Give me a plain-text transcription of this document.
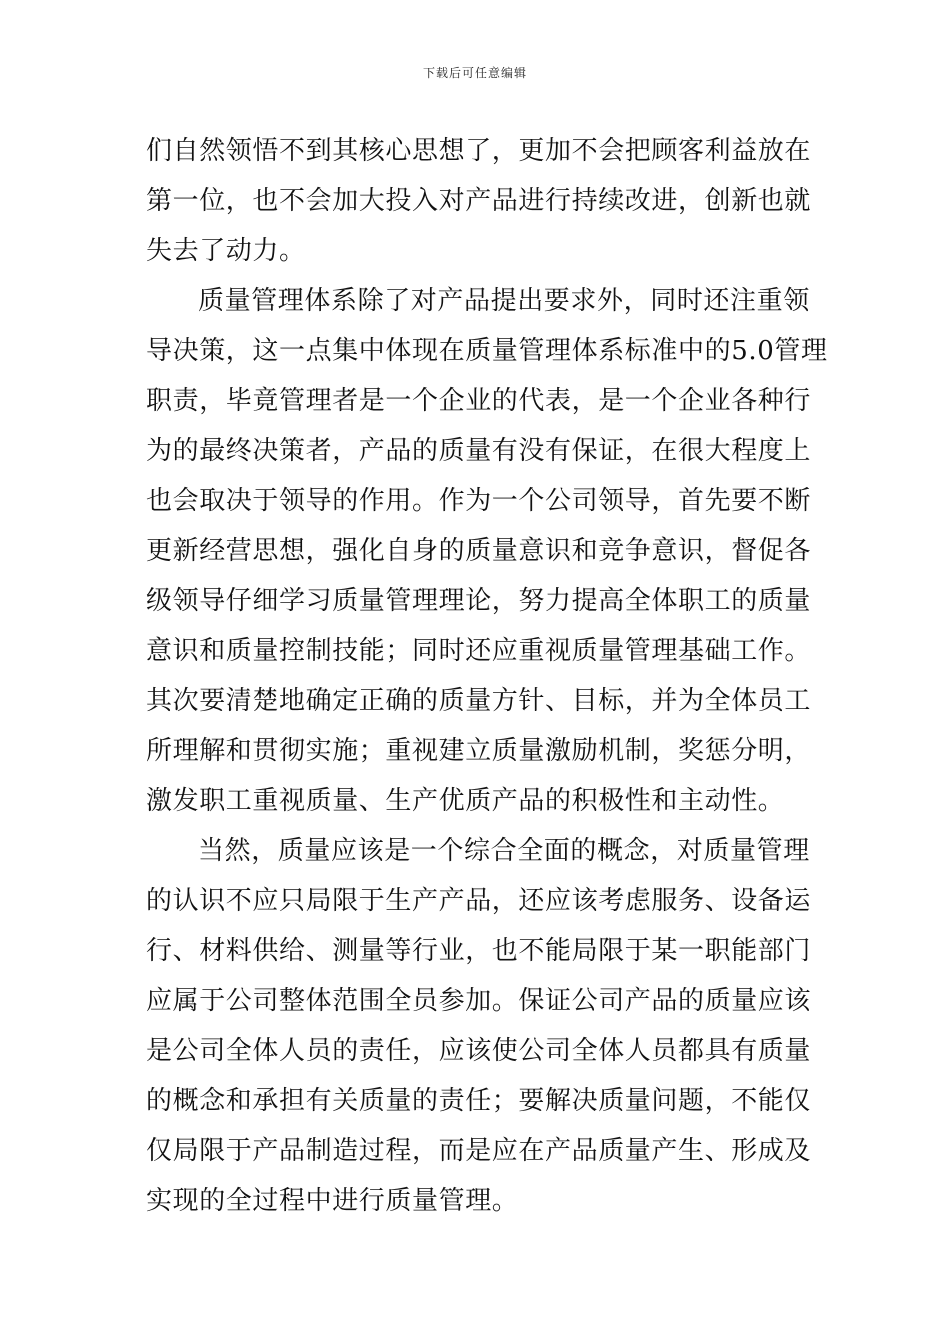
下载后可任意编辑
们自然领悟不到其核心思想了，更加不会把顾客利益放在
第一位，也不会加大投入对产品进行持续改进，创新也就
失去了动力。
质量管理体系除了对产品提出要求外，同时还注重领
导决策，这一点集中体现在质量管理体系标准中的5.0管理
职责，毕竟管理者是一个企业的代表，是一个企业各种行
为的最终决策者，产品的质量有没有保证，在很大程度上
也会取决于领导的作用。作为一个公司领导，首先要不断
更新经营思想，强化自身的质量意识和竞争意识，督促各
级领导仔细学习质量管理理论，努力提高全体职工的质量
意识和质量控制技能；同时还应重视质量管理基础工作。
其次要清楚地确定正确的质量方针、目标，并为全体员工
所理解和贯彻实施；重视建立质量激励机制，奖惩分明，
激发职工重视质量、生产优质产品的积极性和主动性。
当然，质量应该是一个综合全面的概念，对质量管理
的认识不应只局限于生产产品，还应该考虑服务、设备运
行、材料供给、测量等行业，也不能局限于某一职能部门
应属于公司整体范围全员参加。保证公司产品的质量应该
是公司全体人员的责任，应该使公司全体人员都具有质量
的概念和承担有关质量的责任；要解决质量问题，不能仅
仅局限于产品制造过程，而是应在产品质量产生、形成及
实现的全过程中进行质量管理。
